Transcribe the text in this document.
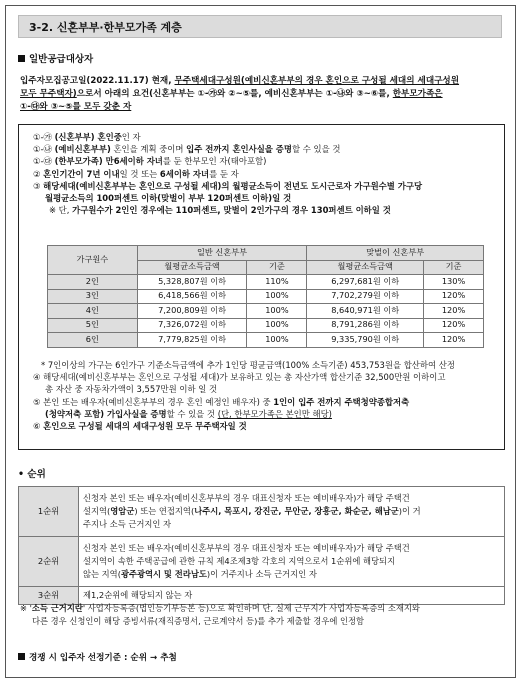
3-2. 신혼부부·한부모가족 계층
일반공급대상자
입주자모집공고일(2022.11.17) 현재, 무주택세대구성원(예비신혼부부의 경우 혼인으로 구성될 세대의 세대구성원
모두 무주택자)으로서 아래의 요건(신혼부부는 ①-㉮와 ②~⑤를, 예비신혼부부는 ①-㉯와 ③~⑥를, 한부모가족은
①-㉰와 ③~⑤를 모두 갖춘 자
①-㉮ (신혼부부) 혼인중인 자
①-㉯ (예비신혼부부) 혼인을 계획 중이며 입주 전까지 혼인사실을 증명할 수 있을 것
①-㉰ (한부모가족) 만6세이하 자녀를 둔 한부모인 자(태아포함)
② 혼인기간이 7년 이내일 것 또는 6세이하 자녀를 둔 자
③ 해당세대(예비신혼부부는 혼인으로 구성될 세대)의 월평균소득이 전년도 도시근로자 가구원수별 가구당
월평균소득의 100퍼센트 이하(맞벌이 부부 120퍼센트 이하)일 것
※ 단, 가구원수가 2인인 경우에는 110퍼센트, 맞벌이 2인가구의 경우 130퍼센트 이하일 것
가구원수	일반 신혼부부		맞벌이 신혼부부	
	월평균소득금액	기준	월평균소득금액	기준
2인	5,328,807원 이하	110%	6,297,681원 이하	130%
3인	6,418,566원 이하	100%	7,702,279원 이하	120%
4인	7,200,809원 이하	100%	8,640,971원 이하	120%
5인	7,326,072원 이하	100%	8,791,286원 이하	120%
6인	7,779,825원 이하	100%	9,335,790원 이하	120%
* 7인이상의 가구는 6인가구 기준소득금액에 추가 1인당 평균금액(100% 소득기준) 453,753원을 합산하여 산정
④ 해당세대(예비신혼부부는 혼인으로 구성될 세대)가 보유하고 있는 총 자산가액 합산기준 32,500만원 이하이고
총 자산 중 자동차가액이 3,557만원 이하 일 것
⑤ 본인 또는 배우자(예비신혼부부의 경우 혼인 예정인 배우자) 중 1인이 입주 전까지 주택청약종합저축
(청약저축 포함) 가입사실을 증명할 수 있을 것 (단, 한부모가족은 본인만 해당)
⑥ 혼인으로 구성될 세대의 세대구성원 모두 무주택자일 것
• 순위
1순위	신청자 본인 또는 배우자(예비신혼부부의 경우 대표신청자 또는 예비배우자)가 해당 주택건
설지역(영암군) 또는 연접지역(나주시, 목포시, 강진군, 무안군, 장흥군, 화순군, 해남군)이 거
주지나 소득 근거지인 자

2순위	신청자 본인 또는 배우자(예비신혼부부의 경우 대표신청자 또는 예비배우자)가 해당 주택건
설지역이 속한 주택공급에 관한 규칙 제4조제3항 각호의 지역으로서 1순위에 해당되지
않는 지역(광주광역시 및 전라남도)이 거주지나 소득 근거지인 자

3순위	제1,2순위에 해당되지 않는 자
※ '소득 근거지란' 사업자등록증(법인등기부등본 등)으로 확인하며 단, 실제 근무지가 사업자등록증의 소재지와
다른 경우 신청인이 해당 증빙서류(재직증명서, 근로계약서 등)를 추가 제출할 경우에 인정함
경쟁 시 입주자 선정기준 : 순위 → 추첨
